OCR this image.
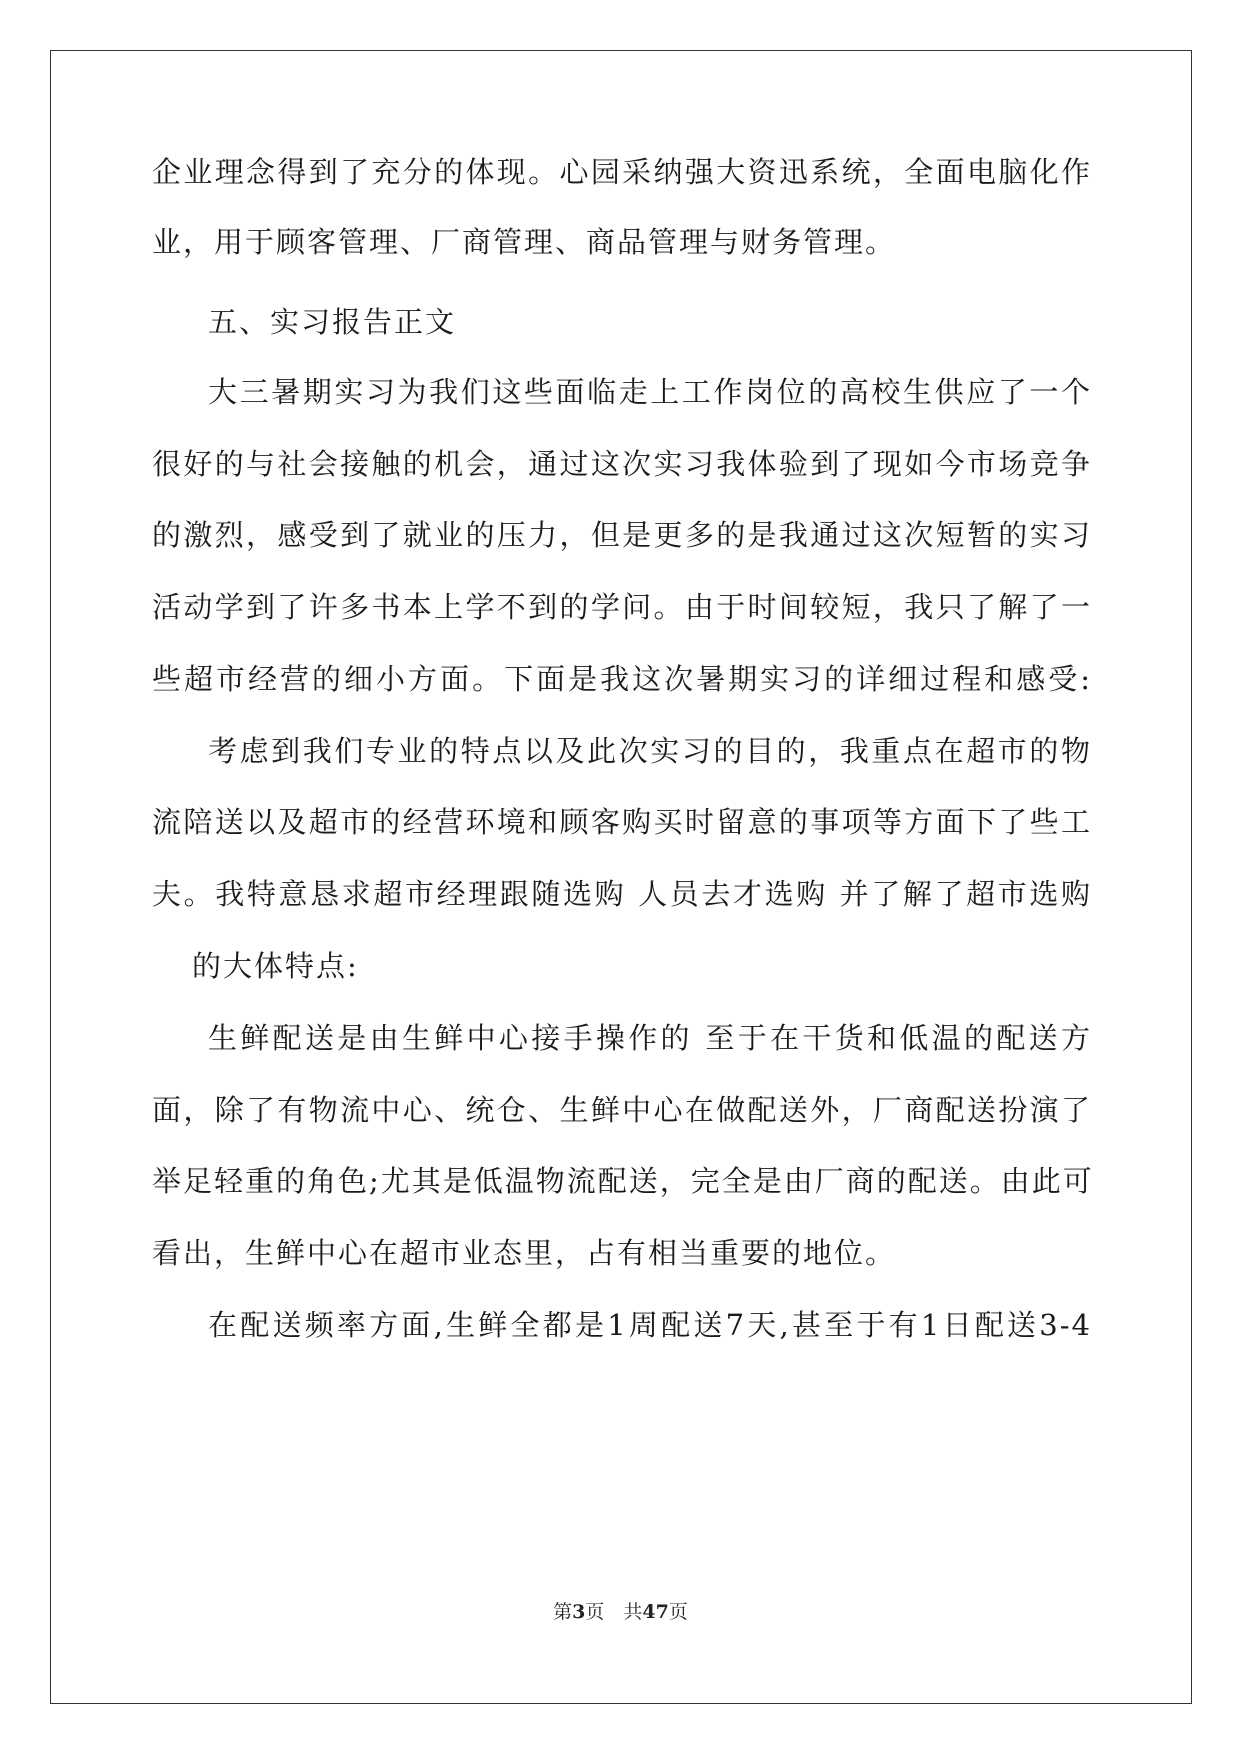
企业理念得到了充分的体现。心园采纳强大资迅系统，全面电脑化作
业，用于顾客管理、厂商管理、商品管理与财务管理。
五、实习报告正文
大三暑期实习为我们这些面临走上工作岗位的高校生供应了一个
很好的与社会接触的机会，通过这次实习我体验到了现如今市场竞争
的激烈，感受到了就业的压力，但是更多的是我通过这次短暂的实习
活动学到了许多书本上学不到的学问。由于时间较短，我只了解了一
些超市经营的细小方面。下面是我这次暑期实习的详细过程和感受:
考虑到我们专业的特点以及此次实习的目的，我重点在超市的物
流陪送以及超市的经营环境和顾客购买时留意的事项等方面下了些工
夫。我特意恳求超市经理跟随选购 人员去才选购 并了解了超市选购
的大体特点:
生鲜配送是由生鲜中心接手操作的 至于在干货和低温的配送方
面，除了有物流中心、统仓、生鲜中心在做配送外，厂商配送扮演了
举足轻重的角色;尤其是低温物流配送，完全是由厂商的配送。由此可
看出，生鲜中心在超市业态里，占有相当重要的地位。
在配送频率方面,生鲜全都是1周配送7天,甚至于有1日配送3-4
第3页　共47页
